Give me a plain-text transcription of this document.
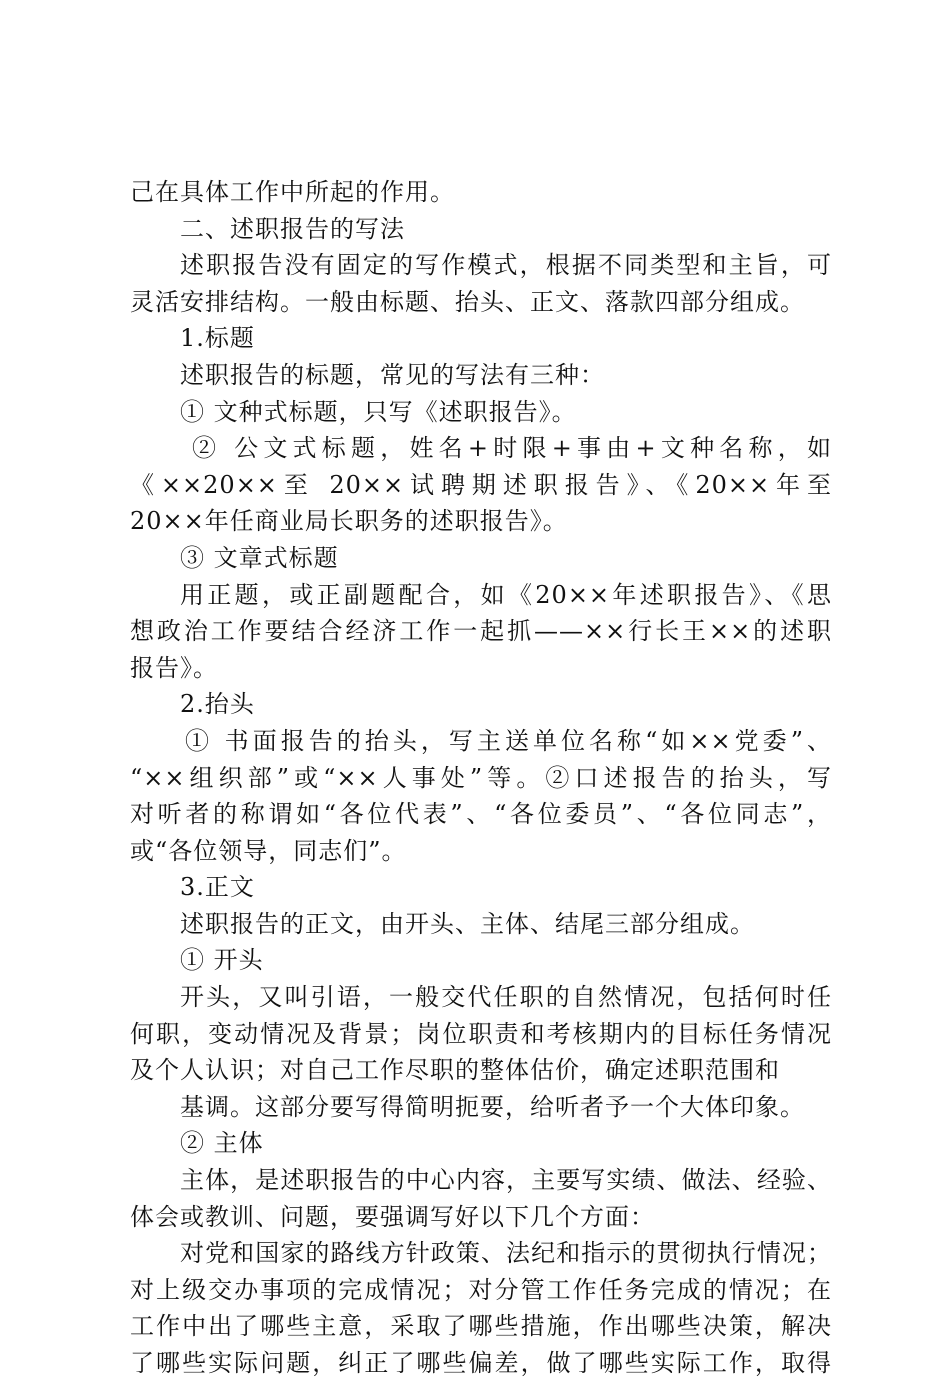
己在具体工作中所起的作用。
二、述职报告的写法
述职报告没有固定的写作模式，根据不同类型和主旨，可
灵活安排结构。一般由标题、抬头、正文、落款四部分组成。
1.标题
述职报告的标题，常见的写法有三种：
① 文种式标题，只写《述职报告》。
② 公文式标题，姓名+时限+事由+文种名称，如
《××20××至 20××试聘期述职报告》、《20××年至
20××年任商业局长职务的述职报告》。
③ 文章式标题
用正题，或正副题配合，如《20××年述职报告》、《思
想政治工作要结合经济工作一起抓——××行长王××的述职
报告》。
2.抬头
① 书面报告的抬头，写主送单位名称“如××党委”、
“××组织部”或“××人事处”等。②口述报告的抬头，写
对听者的称谓如“各位代表”、“各位委员”、“各位同志”，
或“各位领导，同志们”。
3.正文
述职报告的正文，由开头、主体、结尾三部分组成。
① 开头
开头，又叫引语，一般交代任职的自然情况，包括何时任
何职，变动情况及背景；岗位职责和考核期内的目标任务情况
及个人认识；对自己工作尽职的整体估价，确定述职范围和
基调。这部分要写得简明扼要，给听者予一个大体印象。
② 主体
主体，是述职报告的中心内容，主要写实绩、做法、经验、
体会或教训、问题，要强调写好以下几个方面：
对党和国家的路线方针政策、法纪和指示的贯彻执行情况；
对上级交办事项的完成情况；对分管工作任务完成的情况；在
工作中出了哪些主意，采取了哪些措施，作出哪些决策，解决
了哪些实际问题，纠正了哪些偏差，做了哪些实际工作，取得
